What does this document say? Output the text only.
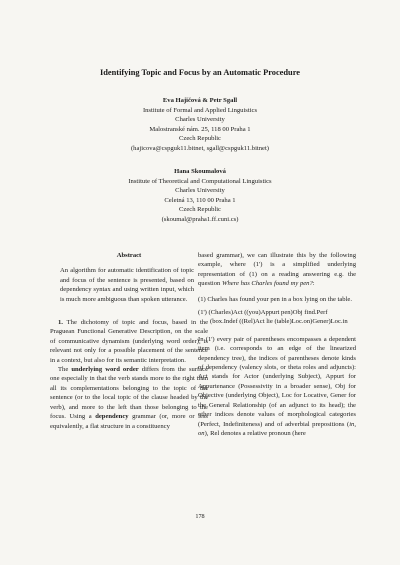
Identifying Topic and Focus by an Automatic Procedure
Eva Hajičová & Petr Sgall
Institute of Formal and Applied Linguistics
Charles University
Malostranské nám. 25, 118 00 Praha 1
Czech Republic
(hajicova@cspguk11.bitnet, sgall@cspguk11.bitnet)
Hana Skoumalová
Institute of Theoretical and Computational Linguistics
Charles University
Celetná 13, 110 00 Praha 1
Czech Republic
(skoumal@praha1.ff.cuni.cs)
Abstract
An algorithm for automatic identification of topic and focus of the sentence is presented, based on dependency syntax and using written input, which is much more ambiguous than spoken utterance.

1. The dichotomy of topic and focus, based in the Praguean Functional Generative Description, on the scale of communicative dynamism (underlying word order), is relevant not only for a possible placement of the sentence in a context, but also for its semantic interpretation.

The underlying word order differs from the surface one especially in that the verb stands more to the right than all its complementations belonging to the topic of the sentence (or to the local topic of the clause headed by the verb), and more to the left than those belonging to the focus. Using a dependency grammar (or, more or less equivalently, a flat structure in a constituency

based grammar), we can illustrate this by the following example, where (1') is a simplified underlying representation of (1) on a reading answering e.g. the question Where has Charles found my pen?:

(1) Charles has found your pen in a box lying on the table.

(1') (Charles)Act ((you)Appurt pen)Obj find.Perf (box.Indef ((Rel)Act lie (table)Loc.on)Gener)Loc.in

In (1') every pair of parentheses encompasses a dependent item (i.e. corresponds to an edge of the linearized dependency tree), the indices of parentheses denote kinds of dependency (valency slots, or theta roles and adjuncts): Act stands for Actor (underlying Subject), Appurt for Appurtenance (Possessivity in a broader sense), Obj for Objective (underlying Object), Loc for Locative, Gener for the General Relationship (of an adjunct to its head); the other indices denote values of morphological categories (Perfect, Indefiniteness) and of adverbial prepositions (in, on), Rel denotes a relative pronoun (here

178
